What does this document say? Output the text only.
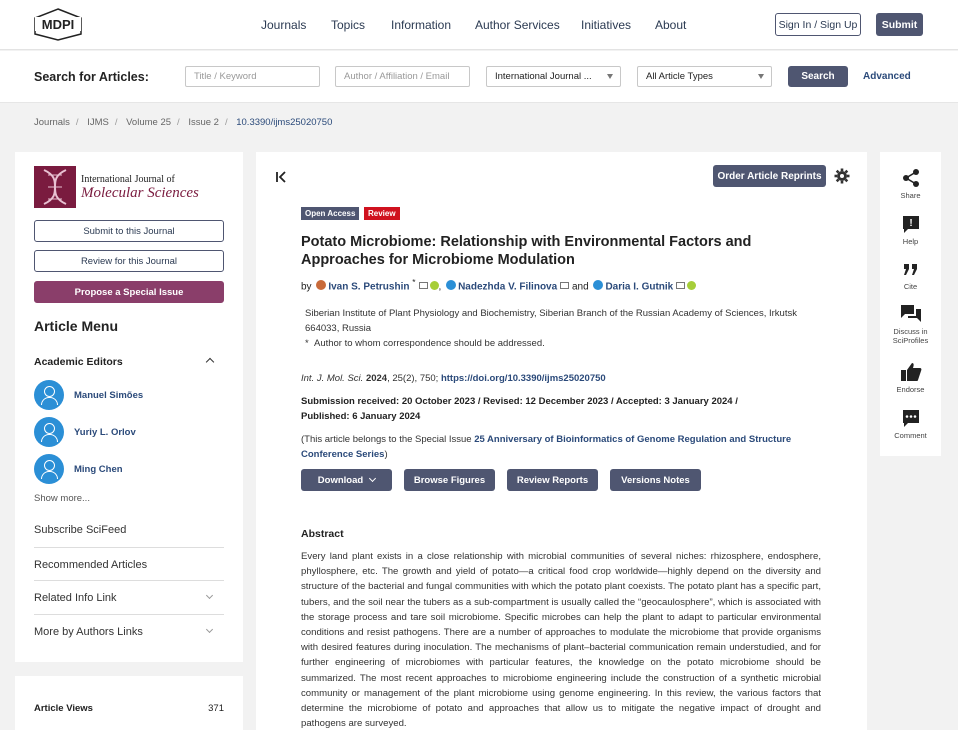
MDPI	Journals Topics Information Author Services Initiatives About	Sign In / Sign Up	Submit
Search for Articles:	Title / Keyword	Author / Affiliation / Email	International Journal ...	All Article Types	Search	Advanced
Journals / IJMS / Volume 25 / Issue 2 / 10.3390/ijms25020750
International Journal of
Molecular Sciences
Submit to this Journal
Review for this Journal
Propose a Special Issue
Article Menu
Academic Editors
Manuel Simões
Yuriy L. Orlov
Ming Chen
Show more...
Subscribe SciFeed
Recommended Articles
Related Info Link
More by Authors Links
Article Views	371
Order Article Reprints
Open Access	Review
Potato Microbiome: Relationship with Environmental Factors and Approaches for Microbiome Modulation
by Ivan S. Petrushin * , Nadezhda V. Filinova and Daria I. Gutnik
Siberian Institute of Plant Physiology and Biochemistry, Siberian Branch of the Russian Academy of Sciences, Irkutsk 664033, Russia
*  Author to whom correspondence should be addressed.
Int. J. Mol. Sci. 2024, 25(2), 750; https://doi.org/10.3390/ijms25020750
Submission received: 20 October 2023 / Revised: 12 December 2023 / Accepted: 3 January 2024 / Published: 6 January 2024
(This article belongs to the Special Issue 25 Anniversary of Bioinformatics of Genome Regulation and Structure Conference Series)
Download	Browse Figures	Review Reports	Versions Notes
Abstract
Every land plant exists in a close relationship with microbial communities of several niches: rhizosphere, endosphere, phyllosphere, etc. The growth and yield of potato—a critical food crop worldwide—highly depend on the diversity and structure of the bacterial and fungal communities with which the potato plant coexists. The potato plant has a specific part, tubers, and the soil near the tubers as a sub-compartment is usually called the “geocaulosphere”, which is associated with the storage process and tare soil microbiome. Specific microbes can help the plant to adapt to particular environmental conditions and resist pathogens. There are a number of approaches to modulate the microbiome that provide organisms with desired features during inoculation. The mechanisms of plant–bacterial communication remain understudied, and for further engineering of microbiomes with particular features, the knowledge on the potato microbiome should be summarized. The most recent approaches to microbiome engineering include the construction of a synthetic microbial community or management of the plant microbiome using genome engineering. In this review, the various factors that determine the microbiome of potato and approaches that allow us to mitigate the negative impact of drought and pathogens are surveyed.
Share
!
Help
Cite
Discuss in
SciProfiles
Endorse
Comment
